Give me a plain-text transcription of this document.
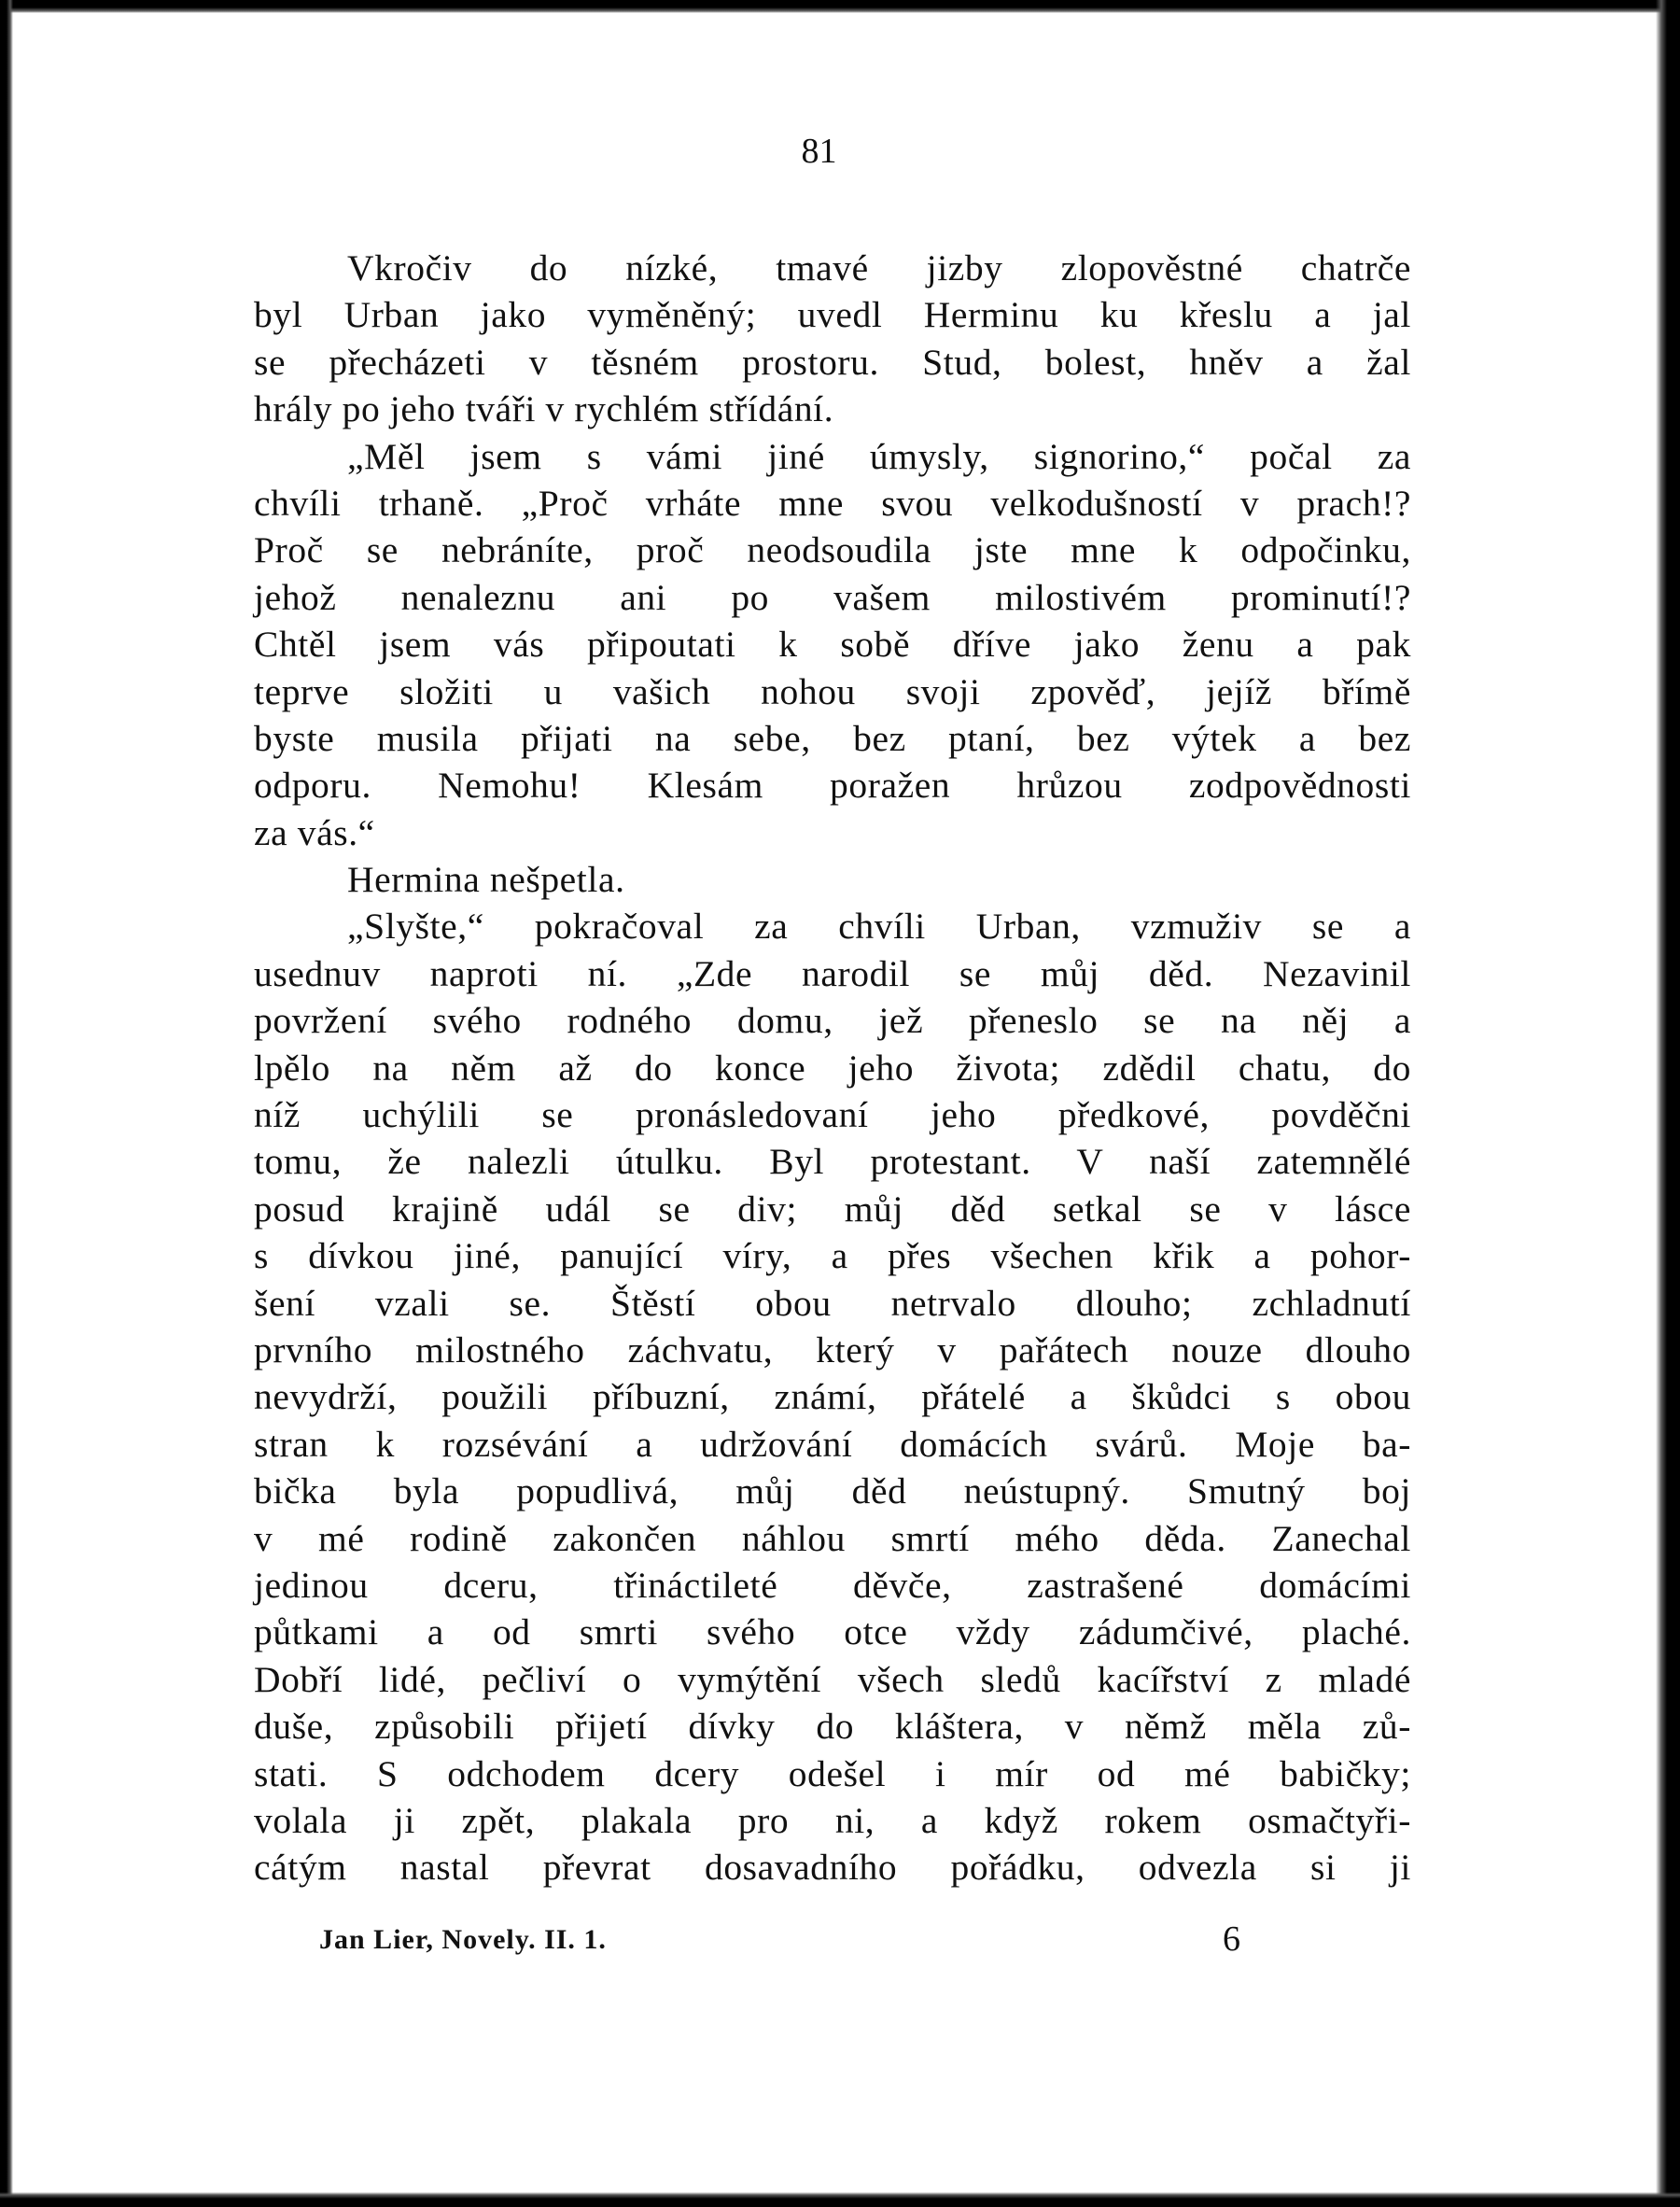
81
Vkročiv do nízké, tmavé jizby zlopověstné chatrče
byl Urban jako vyměněný; uvedl Herminu ku křeslu a jal
se přecházeti v těsném prostoru. Stud, bolest, hněv a žal
hrály po jeho tváři v rychlém střídání.
„Měl jsem s vámi jiné úmysly, signorino,“ počal za
chvíli trhaně. „Proč vrháte mne svou velkodušností v prach!?
Proč se nebráníte, proč neodsoudila jste mne k odpočinku,
jehož nenaleznu ani po vašem milostivém prominutí!?
Chtěl jsem vás připoutati k sobě dříve jako ženu a pak
teprve složiti u vašich nohou svoji zpověď, jejíž břímě
byste musila přijati na sebe, bez ptaní, bez výtek a bez
odporu. Nemohu! Klesám poražen hrůzou zodpovědnosti
za vás.“
Hermina nešpetla.
„Slyšte,“ pokračoval za chvíli Urban, vzmuživ se a
usednuv naproti ní. „Zde narodil se můj děd. Nezavinil
povržení svého rodného domu, jež přeneslo se na něj a
lpělo na něm až do konce jeho života; zdědil chatu, do
níž uchýlili se pronásledovaní jeho předkové, povděčni
tomu, že nalezli útulku. Byl protestant. V naší zatemnělé
posud krajině udál se div; můj děd setkal se v lásce
s dívkou jiné, panující víry, a přes všechen křik a pohor-
šení vzali se. Štěstí obou netrvalo dlouho; zchladnutí
prvního milostného záchvatu, který v pařátech nouze dlouho
nevydrží, použili příbuzní, známí, přátelé a škůdci s obou
stran k rozsévání a udržování domácích svárů. Moje ba-
bička byla popudlivá, můj děd neústupný. Smutný boj
v mé rodině zakončen náhlou smrtí mého děda. Zanechal
jedinou dceru, třináctileté děvče, zastrašené domácími
půtkami a od smrti svého otce vždy zádumčivé, plaché.
Dobří lidé, pečliví o vymýtění všech sledů kacířství z mladé
duše, způsobili přijetí dívky do kláštera, v němž měla zů-
stati. S odchodem dcery odešel i mír od mé babičky;
volala ji zpět, plakala pro ni, a když rokem osmačtyři-
cátým nastal převrat dosavadního pořádku, odvezla si ji
Jan Lier, Novely. II. 1.	6
